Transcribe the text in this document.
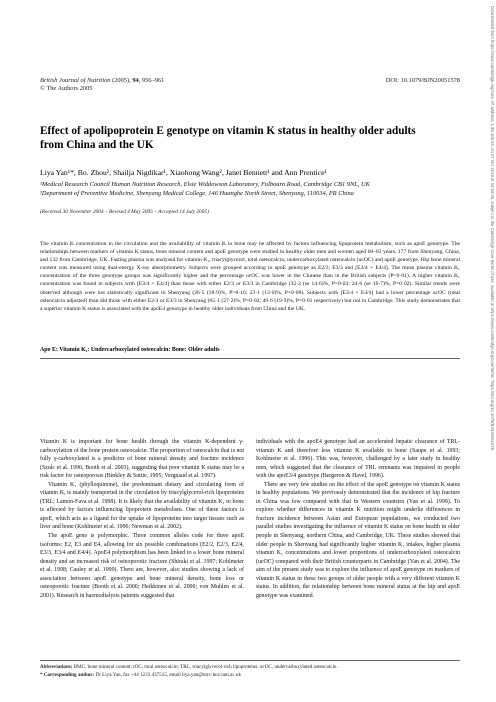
Downloaded from https://www.cambridge.org/core. IP address: 1.96.108.52, on 27 Oct 2019 at 04:04:08, subject to the Cambridge Core terms of use, available at https://www.cambridge.org/core/terms. https://doi.org/10.1079/BJN20051578
British Journal of Nutrition (2005), 94, 956–961
© The Authors 2005
DOI: 10.1079/BJN20051578
Effect of apolipoprotein E genotype on vitamin K status in healthy older adults from China and the UK
Liya Yan¹*, Bo. Zhou², Shailja Nigdikar¹, Xiaohong Wang², Janet Bennett¹ and Ann Prentice¹
¹Medical Research Council Human Nutrition Research, Elsie Widdowson Laboratory, Fulbourn Road, Cambridge CB1 9NL, UK
²Department of Preventive Medicine, Shenyang Medical College, 146 Huanghe North Street, Shenyang, 110034, PR China
(Received 30 November 2004 – Revised 4 May 2005 – Accepted 14 July 2005)
The vitamin K concentration in the circulation and the availability of vitamin K to bone may be affected by factors influencing lipoprotein metabolism, such as apoE genotype. The relationships between markers of vitamin K status, bone mineral content and apoE genotype were studied in healthy older men and women aged 60–83 years, 177 from Shenyang, China, and 132 from Cambridge, UK. Fasting plasma was analysed for vitamin K₁, triacylglycerol, total osteocalcin, undercarboxylated osteocalcin (ucOC) and apoE genotype. Hip bone mineral content was measured using dual-energy X-ray absorptiometry. Subjects were grouped according to apoE genotype as E2/3, E3/3 and [E3/4 + E4/4]. The mean plasma vitamin K₁ concentration of the three genotype groups was significantly higher and the percentage ucOC was lower in the Chinese than in the British subjects (P<0·01). A higher vitamin K₁ concentration was found in subjects with [E3/4 + E4/4] than those with either E2/3 or E3/3 in Cambridge (32·2 (se 14·6)%, P=0·03; 24·6 (se 10·7)%, P=0·02). Similar trends were observed although were not statistically significant in Shenyang (26·5 (18·9)%, P=0·16; 23·1 (13·0)%, P=0·08). Subjects with [E3/4 + E4/4] had a lower percentage ucOC (total osteocalcin adjusted) than did those with either E2/3 or E3/3 in Shenyang (65·1 (27·2)%, P=0·02; 49·6 (19·9)%, P=0·01 respectively) but not in Cambridge. This study demonstrates that a superior vitamin K status is associated with the apoE4 genotype in healthy older individuals from China and the UK.
Apo E: Vitamin K₁: Undercarboxylated osteocalcin: Bone: Older adults

Vitamin K is important for bone health through the vitamin K-dependent γ-carboxylation of the bone protein osteocalcin. The proportion of osteocalcin that is not fully γ-carboxylated is a predictor of bone mineral density and fracture incidence (Szulc et al. 1996; Booth et al. 2003), suggesting that poor vitamin K status may be a risk factor for osteoporosis (Binkley & Suttie, 1995; Vergnaud et al. 1997).

Vitamin K₁ (phylloquinone), the predominant dietary and circulating form of vitamin K, is mainly transported in the circulation by triacylglycerol-rich lipoproteins (TRL; Lamon-Fava et al. 1998). It is likely that the availability of vitamin K₁ to bone is affected by factors influencing lipoprotein metabolism. One of these factors is apoE, which acts as a ligand for the uptake of lipoproteins into target tissues such as liver and bone (Kohlmeier et al. 1996; Newman et al. 2002).

The apoE gene is polymorphic. Three common alleles code for three apoE isoforms: E2, E3 and E4, allowing for six possible combinations (E2/2, E2/3, E2/4, E3/3, E3/4 and E4/4). ApoE4 polymorphism has been linked to a lower bone mineral density and an increased risk of osteoporotic fracture (Shiraki et al. 1997; Kohlmeier et al. 1998; Cauley et al. 1999). There are, however, also studies showing a lack of association between apoE genotype and bone mineral density, bone loss or osteoporotic fracture (Booth et al. 2000; Heikkinen et al. 2000; von Muhlen et al. 2001). Research in haemodialysis patients suggested that

individuals with the apoE4 genotype had an accelerated hepatic clearance of TRL-vitamin K and therefore less vitamin K available to bone (Saupe et al. 1993; Kohlmeier et al. 1996). This was, however, challenged by a later study in healthy men, which suggested that the clearance of TRL remnants was impaired in people with the apoE3/4 genotype (Bergeron & Havel, 1996).

There are very few studies on the effect of the apoE genotype on vitamin K status in healthy populations. We previously demonstrated that the incidence of hip fracture in China was low compared with that in Western countries (Yan et al. 1999). To explore whether differences in vitamin K nutrition might underlie differences in fracture incidence between Asian and European populations, we conducted two parallel studies investigating the influence of vitamin K status on bone health in older people in Shenyang, northern China, and Cambridge, UK. These studies showed that older people in Shenyang had significantly higher vitamin K₁ intakes, higher plasma vitamin K₁ concentrations and lower proportions of undercarboxylated osteocalcin (ucOC) compared with their British counterparts in Cambridge (Yan et al. 2004). The aim of the present study was to explore the influence of apoE genotype on markers of vitamin K status in these two groups of older people with a very different vitamin K status. In addition, the relationship between bone mineral status at the hip and apoE genotype was examined.

Abbreviations: BMC, bone mineral content; tOC, total osteocalcin; TRL, triacylglycerol-rich lipoproteins; ucOC, undercarboxylated osteocalcin.
* Corresponding author: Dr Liya Yan, fax +44 1223 437515, email liya.yan@mrc-hnr.cam.ac.uk
